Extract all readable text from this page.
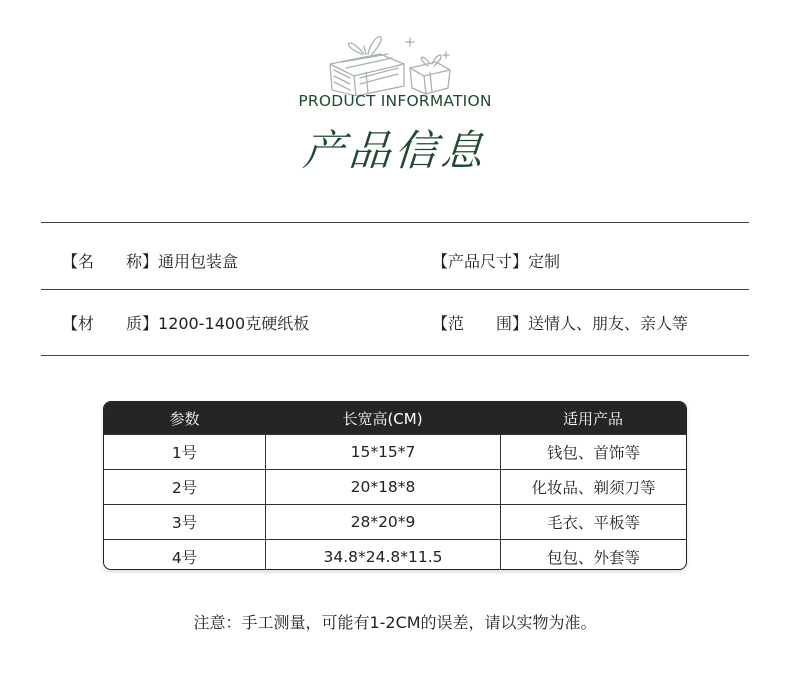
PRODUCT INFORMATION
产品信息
【名　　称】通用包装盒	【产品尺寸】定制
【材　　质】1200-1400克硬纸板	【范　　围】送情人、朋友、亲人等
参数	长宽高(CM)	适用产品
1号	15*15*7	钱包、首饰等
2号	20*18*8	化妆品、剃须刀等
3号	28*20*9	毛衣、平板等
4号	34.8*24.8*11.5	包包、外套等
注意：手工测量，可能有1-2CM的误差，请以实物为准。
